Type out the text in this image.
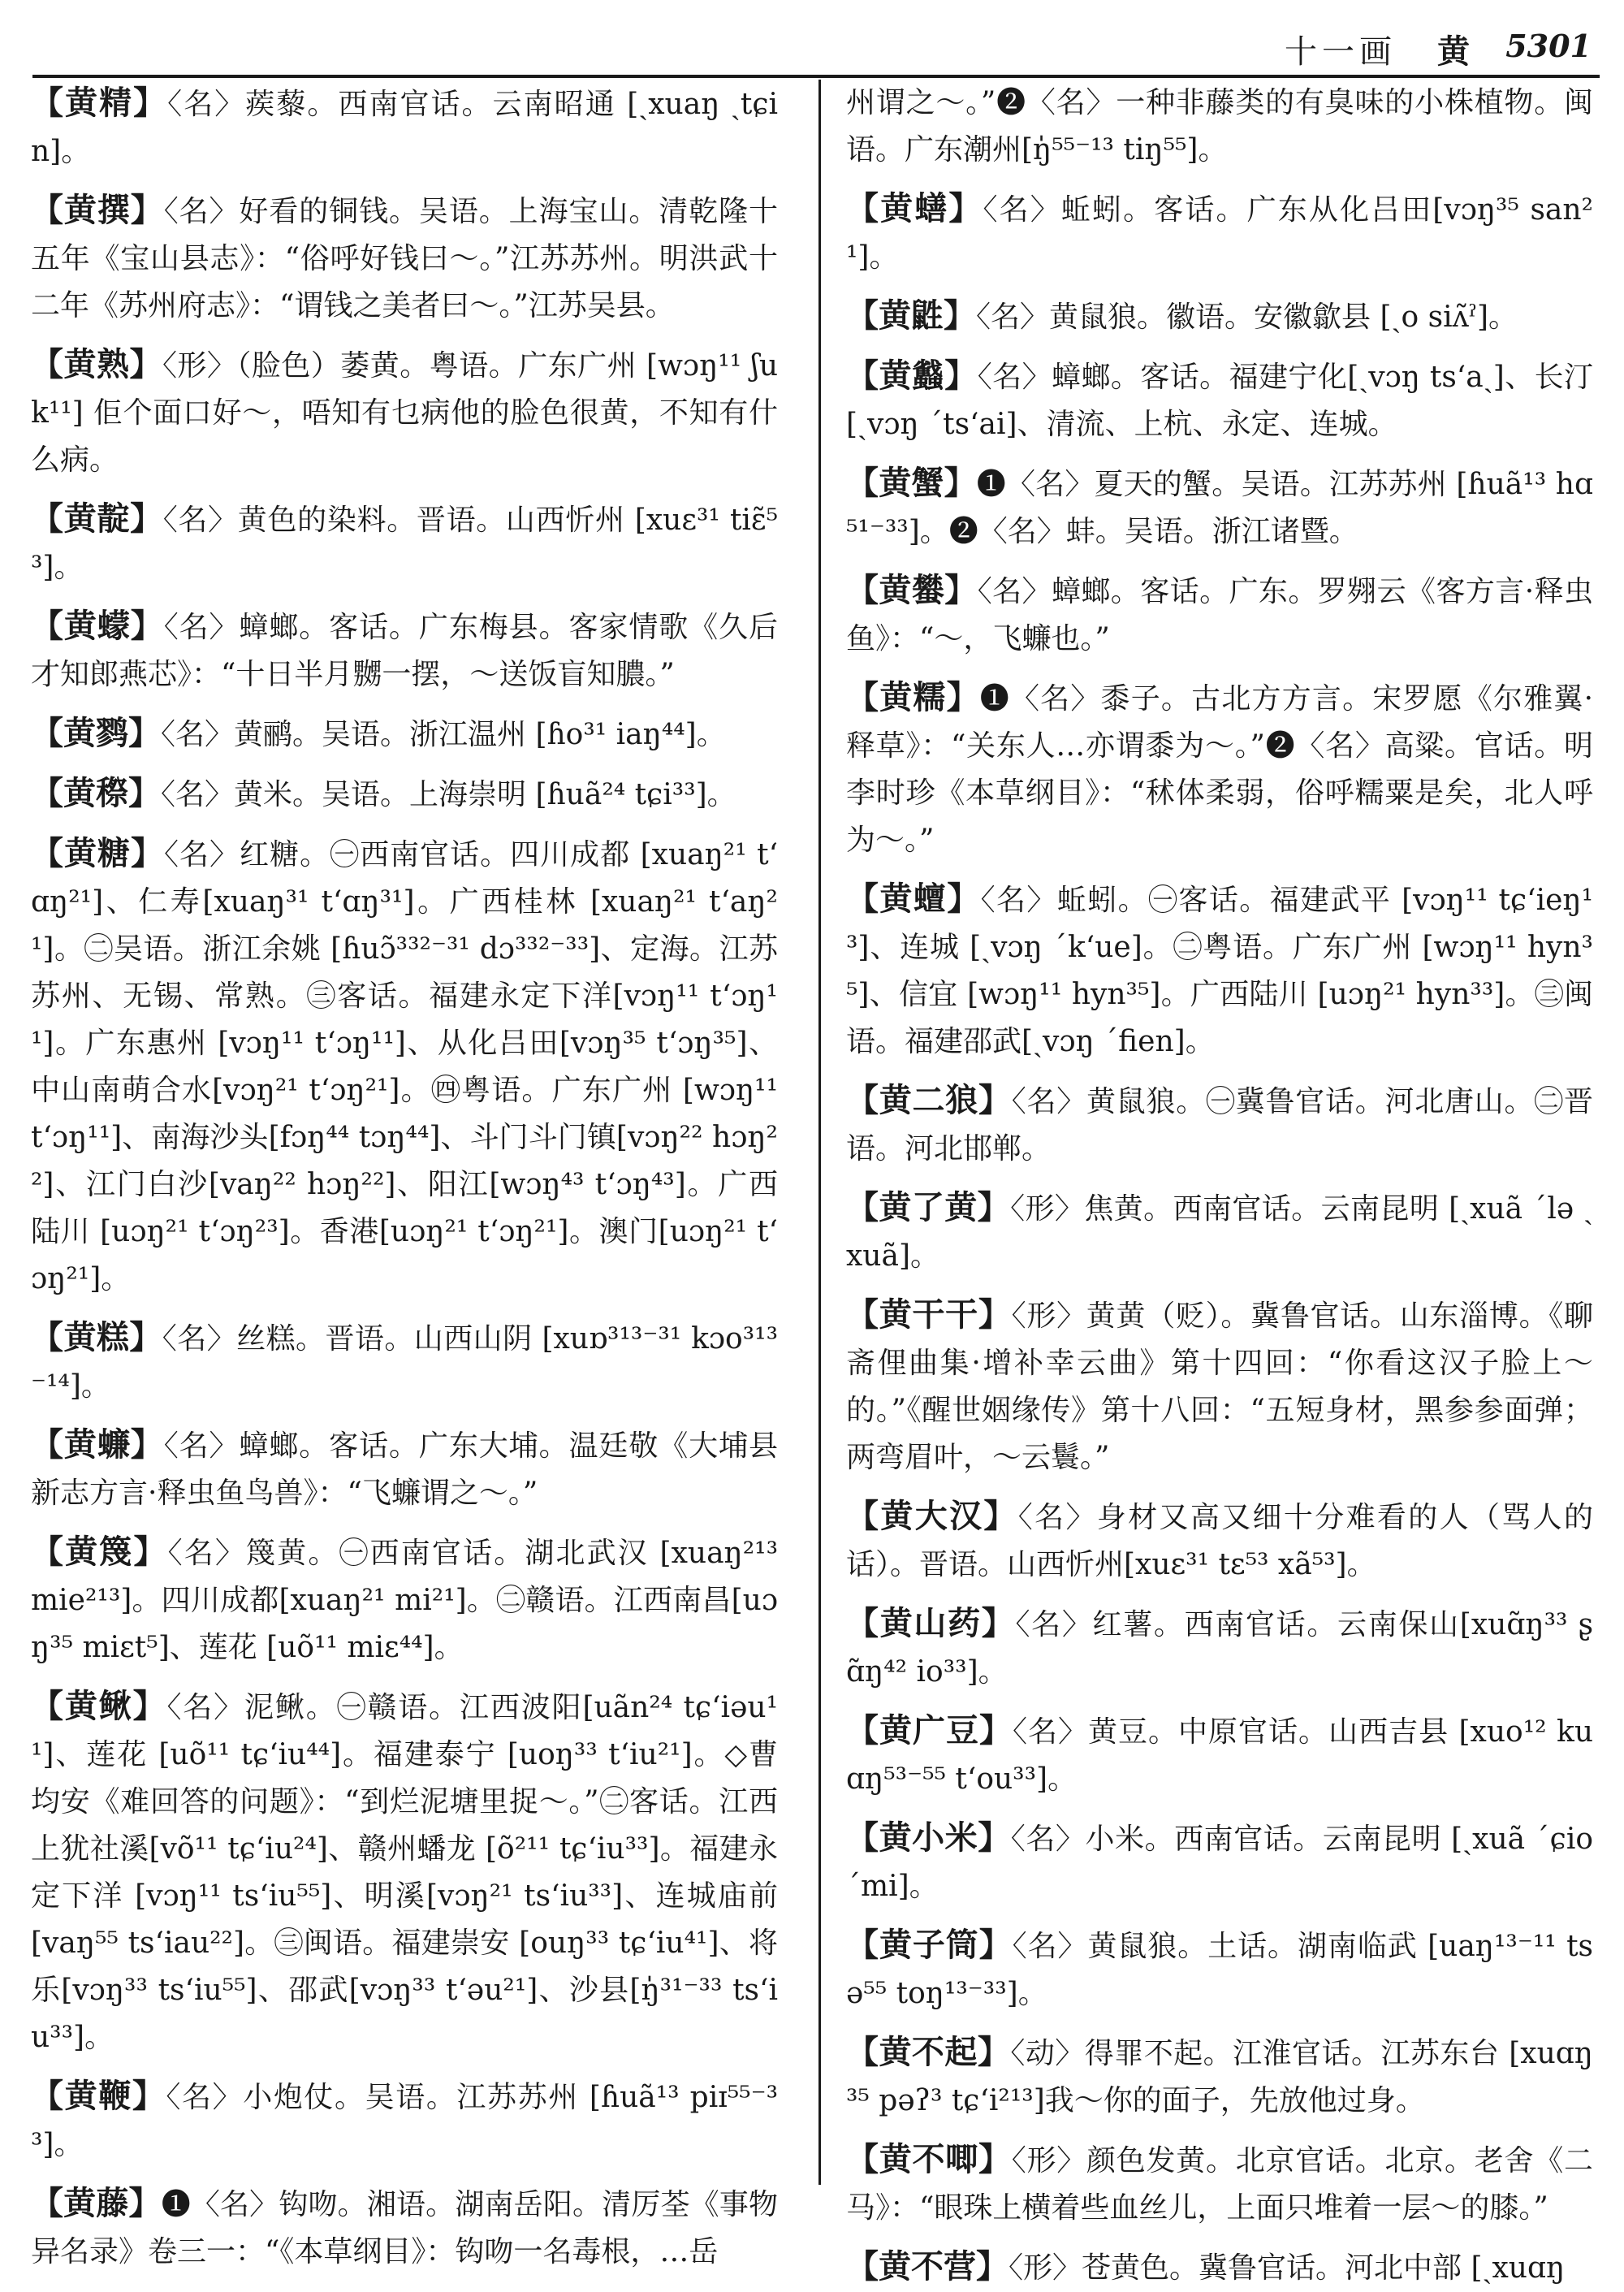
十一画 黄 5301
【黄精】〈名〉蒺藜。西南官话。云南昭通 [ˏxuaŋ ˏtɕin]。
【黄撰】〈名〉好看的铜钱。吴语。上海宝山。清乾隆十五年《宝山县志》：“俗呼好钱曰～。”江苏苏州。明洪武十二年《苏州府志》：“谓钱之美者曰～。”江苏吴县。
【黄熟】〈形〉（脸色）萎黄。粤语。广东广州 [wɔŋ¹¹ ʃuk¹¹] 佢个面口好～，唔知有乜病他的脸色很黄，不知有什么病。
【黄靛】〈名〉黄色的染料。晋语。山西忻州 [xuɛ³¹ tiɛ̃⁵³]。
【黄蠓】〈名〉蟑螂。客话。广东梅县。客家情歌《久后才知郎燕芯》：“十日半月嬲一摆，～送饭盲知膿。”
【黄鹨】〈名〉黄鹂。吴语。浙江温州 [ɦo³¹ iaŋ⁴⁴]。
【黄穄】〈名〉黄米。吴语。上海崇明 [ɦuã²⁴ tɕi³³]。
【黄糖】〈名〉红糖。㊀西南官话。四川成都 [xuaŋ²¹ tʻɑŋ²¹]、仁寿[xuaŋ³¹ tʻɑŋ³¹]。广西桂林 [xuaŋ²¹ tʻaŋ²¹]。㊁吴语。浙江余姚 [ɦuɔ̃³³²⁻³¹ dɔ³³²⁻³³]、定海。江苏苏州、无锡、常熟。㊂客话。福建永定下洋[vɔŋ¹¹ tʻɔŋ¹¹]。广东惠州 [vɔŋ¹¹ tʻɔŋ¹¹]、从化吕田[vɔŋ³⁵ tʻɔŋ³⁵]、中山南萌合水[vɔŋ²¹ tʻɔŋ²¹]。㊃粤语。广东广州 [wɔŋ¹¹ tʻɔŋ¹¹]、南海沙头[fɔŋ⁴⁴ tɔŋ⁴⁴]、斗门斗门镇[vɔŋ²² hɔŋ²²]、江门白沙[vaŋ²² hɔŋ²²]、阳江[wɔŋ⁴³ tʻɔŋ⁴³]。广西陆川 [uɔŋ²¹ tʻɔŋ²³]。香港[uɔŋ²¹ tʻɔŋ²¹]。澳门[uɔŋ²¹ tʻɔŋ²¹]。
【黄糕】〈名〉丝糕。晋语。山西山阴 [xuɒ³¹³⁻³¹ kɔo³¹³⁻¹⁴]。
【黄蠊】〈名〉蟑螂。客话。广东大埔。温廷敬《大埔县新志方言·释虫鱼鸟兽》：“飞蠊谓之～。”
【黄篾】〈名〉篾黄。㊀西南官话。湖北武汉 [xuaŋ²¹³ mie²¹³]。四川成都[xuaŋ²¹ mi²¹]。㊁赣语。江西南昌[uɔŋ³⁵ miɛt⁵]、莲花 [uõ¹¹ miɛ⁴⁴]。
【黄鳅】〈名〉泥鳅。㊀赣语。江西波阳[uãn²⁴ tɕʻiəu¹¹]、莲花 [uõ¹¹ tɕʻiu⁴⁴]。福建泰宁 [uoŋ³³ tʻiu²¹]。◇曹均安《难回答的问题》：“到烂泥塘里捉～。”㊁客话。江西上犹社溪[võ¹¹ tɕʻiu²⁴]、赣州蟠龙 [õ²¹¹ tɕʻiu³³]。福建永定下洋 [vɔŋ¹¹ tsʻiu⁵⁵]、明溪[vɔŋ²¹ tsʻiu³³]、连城庙前 [vaŋ⁵⁵ tsʻiau²²]。㊂闽语。福建崇安 [ouŋ³³ tɕʻiu⁴¹]、将乐[vɔŋ³³ tsʻiu⁵⁵]、邵武[vɔŋ³³ tʻəu²¹]、沙县[ŋ̍³¹⁻³³ tsʻiu³³]。
【黄鞭】〈名〉小炮仗。吴语。江苏苏州 [ɦuã¹³ piɪ⁵⁵⁻³³]。
【黄藤】❶〈名〉钩吻。湘语。湖南岳阳。清厉荃《事物异名录》卷三一：“《本草纲目》：钩吻一名毒根，…岳
州谓之～。”❷〈名〉一种非藤类的有臭味的小株植物。闽语。广东潮州[ŋ̍⁵⁵⁻¹³ tiŋ⁵⁵]。
【黄蟮】〈名〉蚯蚓。客话。广东从化吕田[vɔŋ³⁵ san²¹]。
【黄鼪】〈名〉黄鼠狼。徽语。安徽歙县 [ˏo siʌ̃ˀ]。
【黄蠽】〈名〉蟑螂。客话。福建宁化[ˏvɔŋ tsʻaˏ]、长汀 [ˏvɔŋ ˊtsʻai]、清流、上杭、永定、连城。
【黄蟹】❶〈名〉夏天的蟹。吴语。江苏苏州 [ɦuã¹³ hɑ⁵¹⁻³³]。❷〈名〉蚌。吴语。浙江诸暨。
【黄蠜】〈名〉蟑螂。客话。广东。罗翙云《客方言·释虫鱼》：“～，飞蠊也。”
【黄糯】❶〈名〉黍子。古北方方言。宋罗愿《尔雅翼·释草》：“关东人…亦谓黍为～。”❷〈名〉高粱。官话。明李时珍《本草纲目》：“秫体柔弱，俗呼糯粟是矣，北人呼为～。”
【黄蟺】〈名〉蚯蚓。㊀客话。福建武平 [vɔŋ¹¹ tɕʻieŋ¹³]、连城 [ˏvɔŋ ˊkʻue]。㊁粤语。广东广州 [wɔŋ¹¹ hyn³⁵]、信宜 [wɔŋ¹¹ hyn³⁵]。广西陆川 [uɔŋ²¹ hyn³³]。㊂闽语。福建邵武[ˏvɔŋ ˊfien]。
【黄二狼】〈名〉黄鼠狼。㊀冀鲁官话。河北唐山。㊁晋语。河北邯郸。
【黄了黄】〈形〉焦黄。西南官话。云南昆明 [ˏxuã ˊlə ˏxuã]。
【黄干干】〈形〉黄黄（贬）。冀鲁官话。山东淄博。《聊斋俚曲集·增补幸云曲》第十四回：“你看这汉子脸上～的。”《醒世姻缘传》第十八回：“五短身材，黑参参面弹；两弯眉叶，～云鬟。”
【黄大汉】〈名〉身材又高又细十分难看的人（骂人的话）。晋语。山西忻州[xuɛ³¹ tɛ⁵³ xã⁵³]。
【黄山药】〈名〉红薯。西南官话。云南保山[xuɑ̃ŋ³³ ʂɑ̃ŋ⁴² io³³]。
【黄广豆】〈名〉黄豆。中原官话。山西吉县 [xuo¹² kuɑŋ⁵³⁻⁵⁵ tʻou³³]。
【黄小米】〈名〉小米。西南官话。云南昆明 [ˏxuã ˊɕio ˊmi]。
【黄子筒】〈名〉黄鼠狼。土话。湖南临武 [uaŋ¹³⁻¹¹ tsə⁵⁵ toŋ¹³⁻³³]。
【黄不起】〈动〉得罪不起。江淮官话。江苏东台 [xuɑŋ³⁵ pəʔ³ tɕʻi²¹³]我～你的面子，先放他过身。
【黄不唧】〈形〉颜色发黄。北京官话。北京。老舍《二马》：“眼珠上横着些血丝儿，上面只堆着一层～的膝。”
【黄不营】〈形〉苍黄色。冀鲁官话。河北中部 [ˏxuɑŋ
